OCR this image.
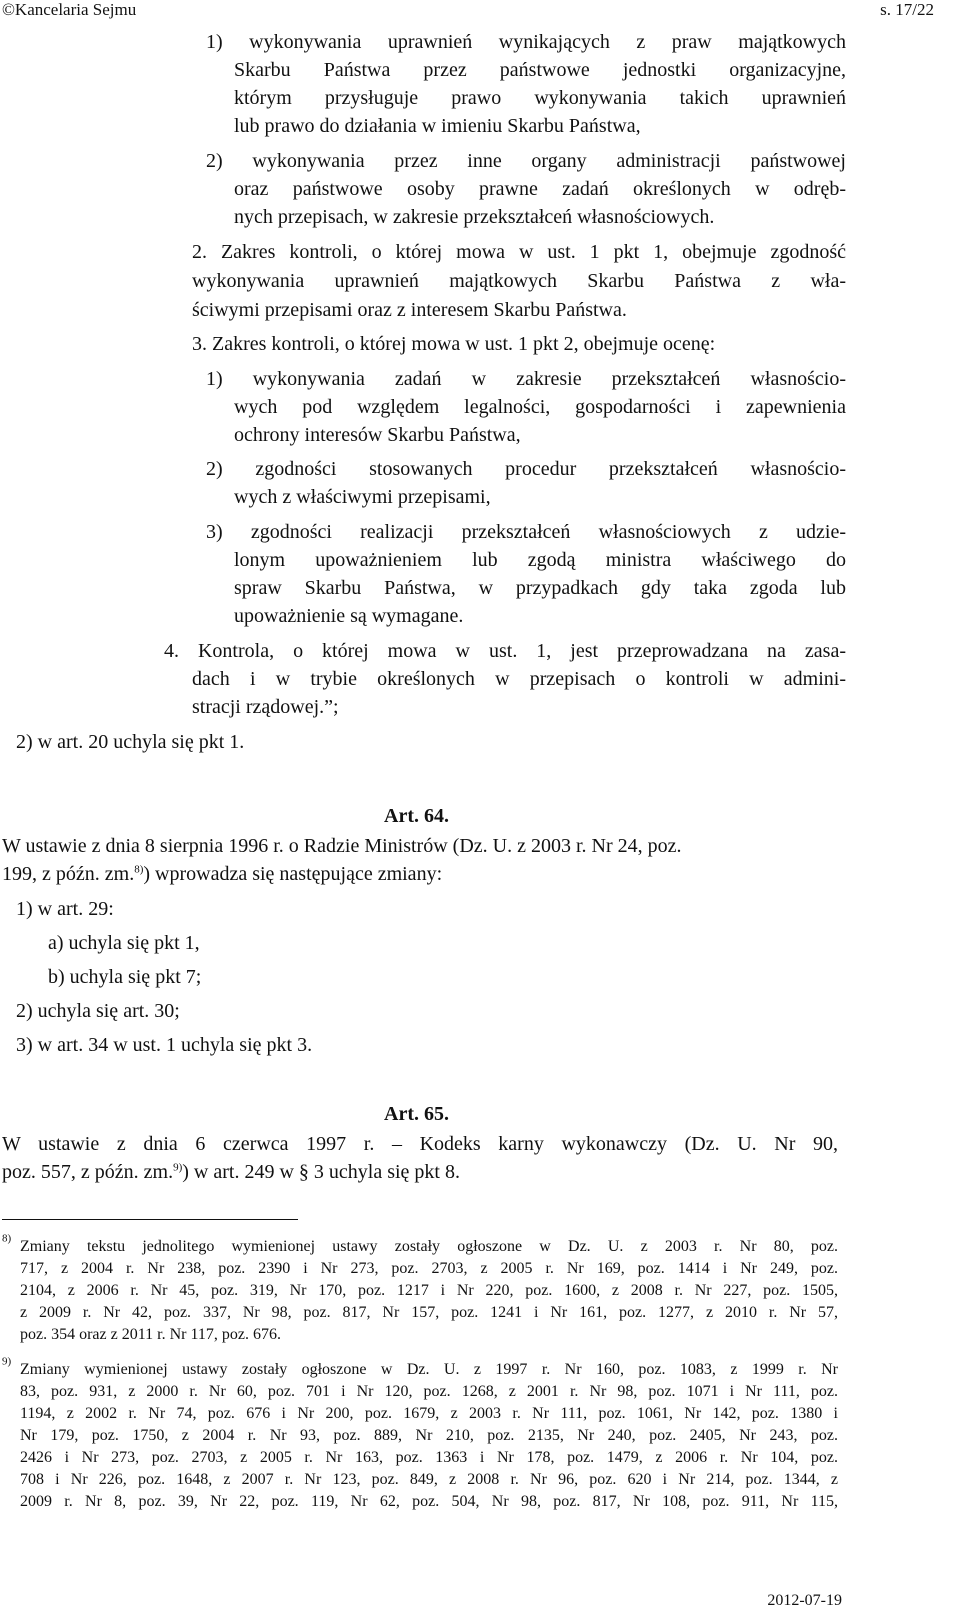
©Kancelaria Sejmu	s. 17/22
1) wykonywania uprawnień wynikających z praw majątkowych
Skarbu Państwa przez państwowe jednostki organizacyjne,
którym przysługuje prawo wykonywania takich uprawnień
lub prawo do działania w imieniu Skarbu Państwa,
2) wykonywania przez inne organy administracji państwowej
oraz państwowe osoby prawne zadań określonych w odręb-
nych przepisach, w zakresie przekształceń własnościowych.
2. Zakres kontroli, o której mowa w ust. 1 pkt 1, obejmuje zgodność
wykonywania uprawnień majątkowych Skarbu Państwa z wła-
ściwymi przepisami oraz z interesem Skarbu Państwa.
3. Zakres kontroli, o której mowa w ust. 1 pkt 2, obejmuje ocenę:
1) wykonywania zadań w zakresie przekształceń własnościo-
wych pod względem legalności, gospodarności i zapewnienia
ochrony interesów Skarbu Państwa,
2) zgodności stosowanych procedur przekształceń własnościo-
wych z właściwymi przepisami,
3) zgodności realizacji przekształceń własnościowych z udzie-
lonym upoważnieniem lub zgodą ministra właściwego do
spraw Skarbu Państwa, w przypadkach gdy taka zgoda lub
upoważnienie są wymagane.
4. Kontrola, o której mowa w ust. 1, jest przeprowadzana na zasa-
dach i w trybie określonych w przepisach o kontroli w admini-
stracji rządowej.”;
2) w art. 20 uchyla się pkt 1.
Art. 64.
W ustawie z dnia 8 sierpnia 1996 r. o Radzie Ministrów (Dz. U. z 2003 r. Nr 24, poz.
199, z późn. zm.$^{8)}$) wprowadza się następujące zmiany:
1) w art. 29:
a) uchyla się pkt 1,
b) uchyla się pkt 7;
2) uchyla się art. 30;
3) w art. 34 w ust. 1 uchyla się pkt 3.
Art. 65.
W ustawie z dnia 6 czerwca 1997 r. – Kodeks karny wykonawczy (Dz. U. Nr 90,
poz. 557, z późn. zm.$^{9)}$) w art. 249 w § 3 uchyla się pkt 8.
$^{8)}$ Zmiany tekstu jednolitego wymienionej ustawy zostały ogłoszone w Dz. U. z 2003 r. Nr 80, poz.
717, z 2004 r. Nr 238, poz. 2390 i Nr 273, poz. 2703, z 2005 r. Nr 169, poz. 1414 i Nr 249, poz.
2104, z 2006 r. Nr 45, poz. 319, Nr 170, poz. 1217 i Nr 220, poz. 1600, z 2008 r. Nr 227, poz. 1505,
z 2009 r. Nr 42, poz. 337, Nr 98, poz. 817, Nr 157, poz. 1241 i Nr 161, poz. 1277, z 2010 r. Nr 57,
poz. 354 oraz z 2011 r. Nr 117, poz. 676.
$^{9)}$ Zmiany wymienionej ustawy zostały ogłoszone w Dz. U. z 1997 r. Nr 160, poz. 1083, z 1999 r. Nr
83, poz. 931, z 2000 r. Nr 60, poz. 701 i Nr 120, poz. 1268, z 2001 r. Nr 98, poz. 1071 i Nr 111, poz.
1194, z 2002 r. Nr 74, poz. 676 i Nr 200, poz. 1679, z 2003 r. Nr 111, poz. 1061, Nr 142, poz. 1380 i
Nr 179, poz. 1750, z 2004 r. Nr 93, poz. 889, Nr 210, poz. 2135, Nr 240, poz. 2405, Nr 243, poz.
2426 i Nr 273, poz. 2703, z 2005 r. Nr 163, poz. 1363 i Nr 178, poz. 1479, z 2006 r. Nr 104, poz.
708 i Nr 226, poz. 1648, z 2007 r. Nr 123, poz. 849, z 2008 r. Nr 96, poz. 620 i Nr 214, poz. 1344, z
2009 r. Nr 8, poz. 39, Nr 22, poz. 119, Nr 62, poz. 504, Nr 98, poz. 817, Nr 108, poz. 911, Nr 115,
2012-07-19
